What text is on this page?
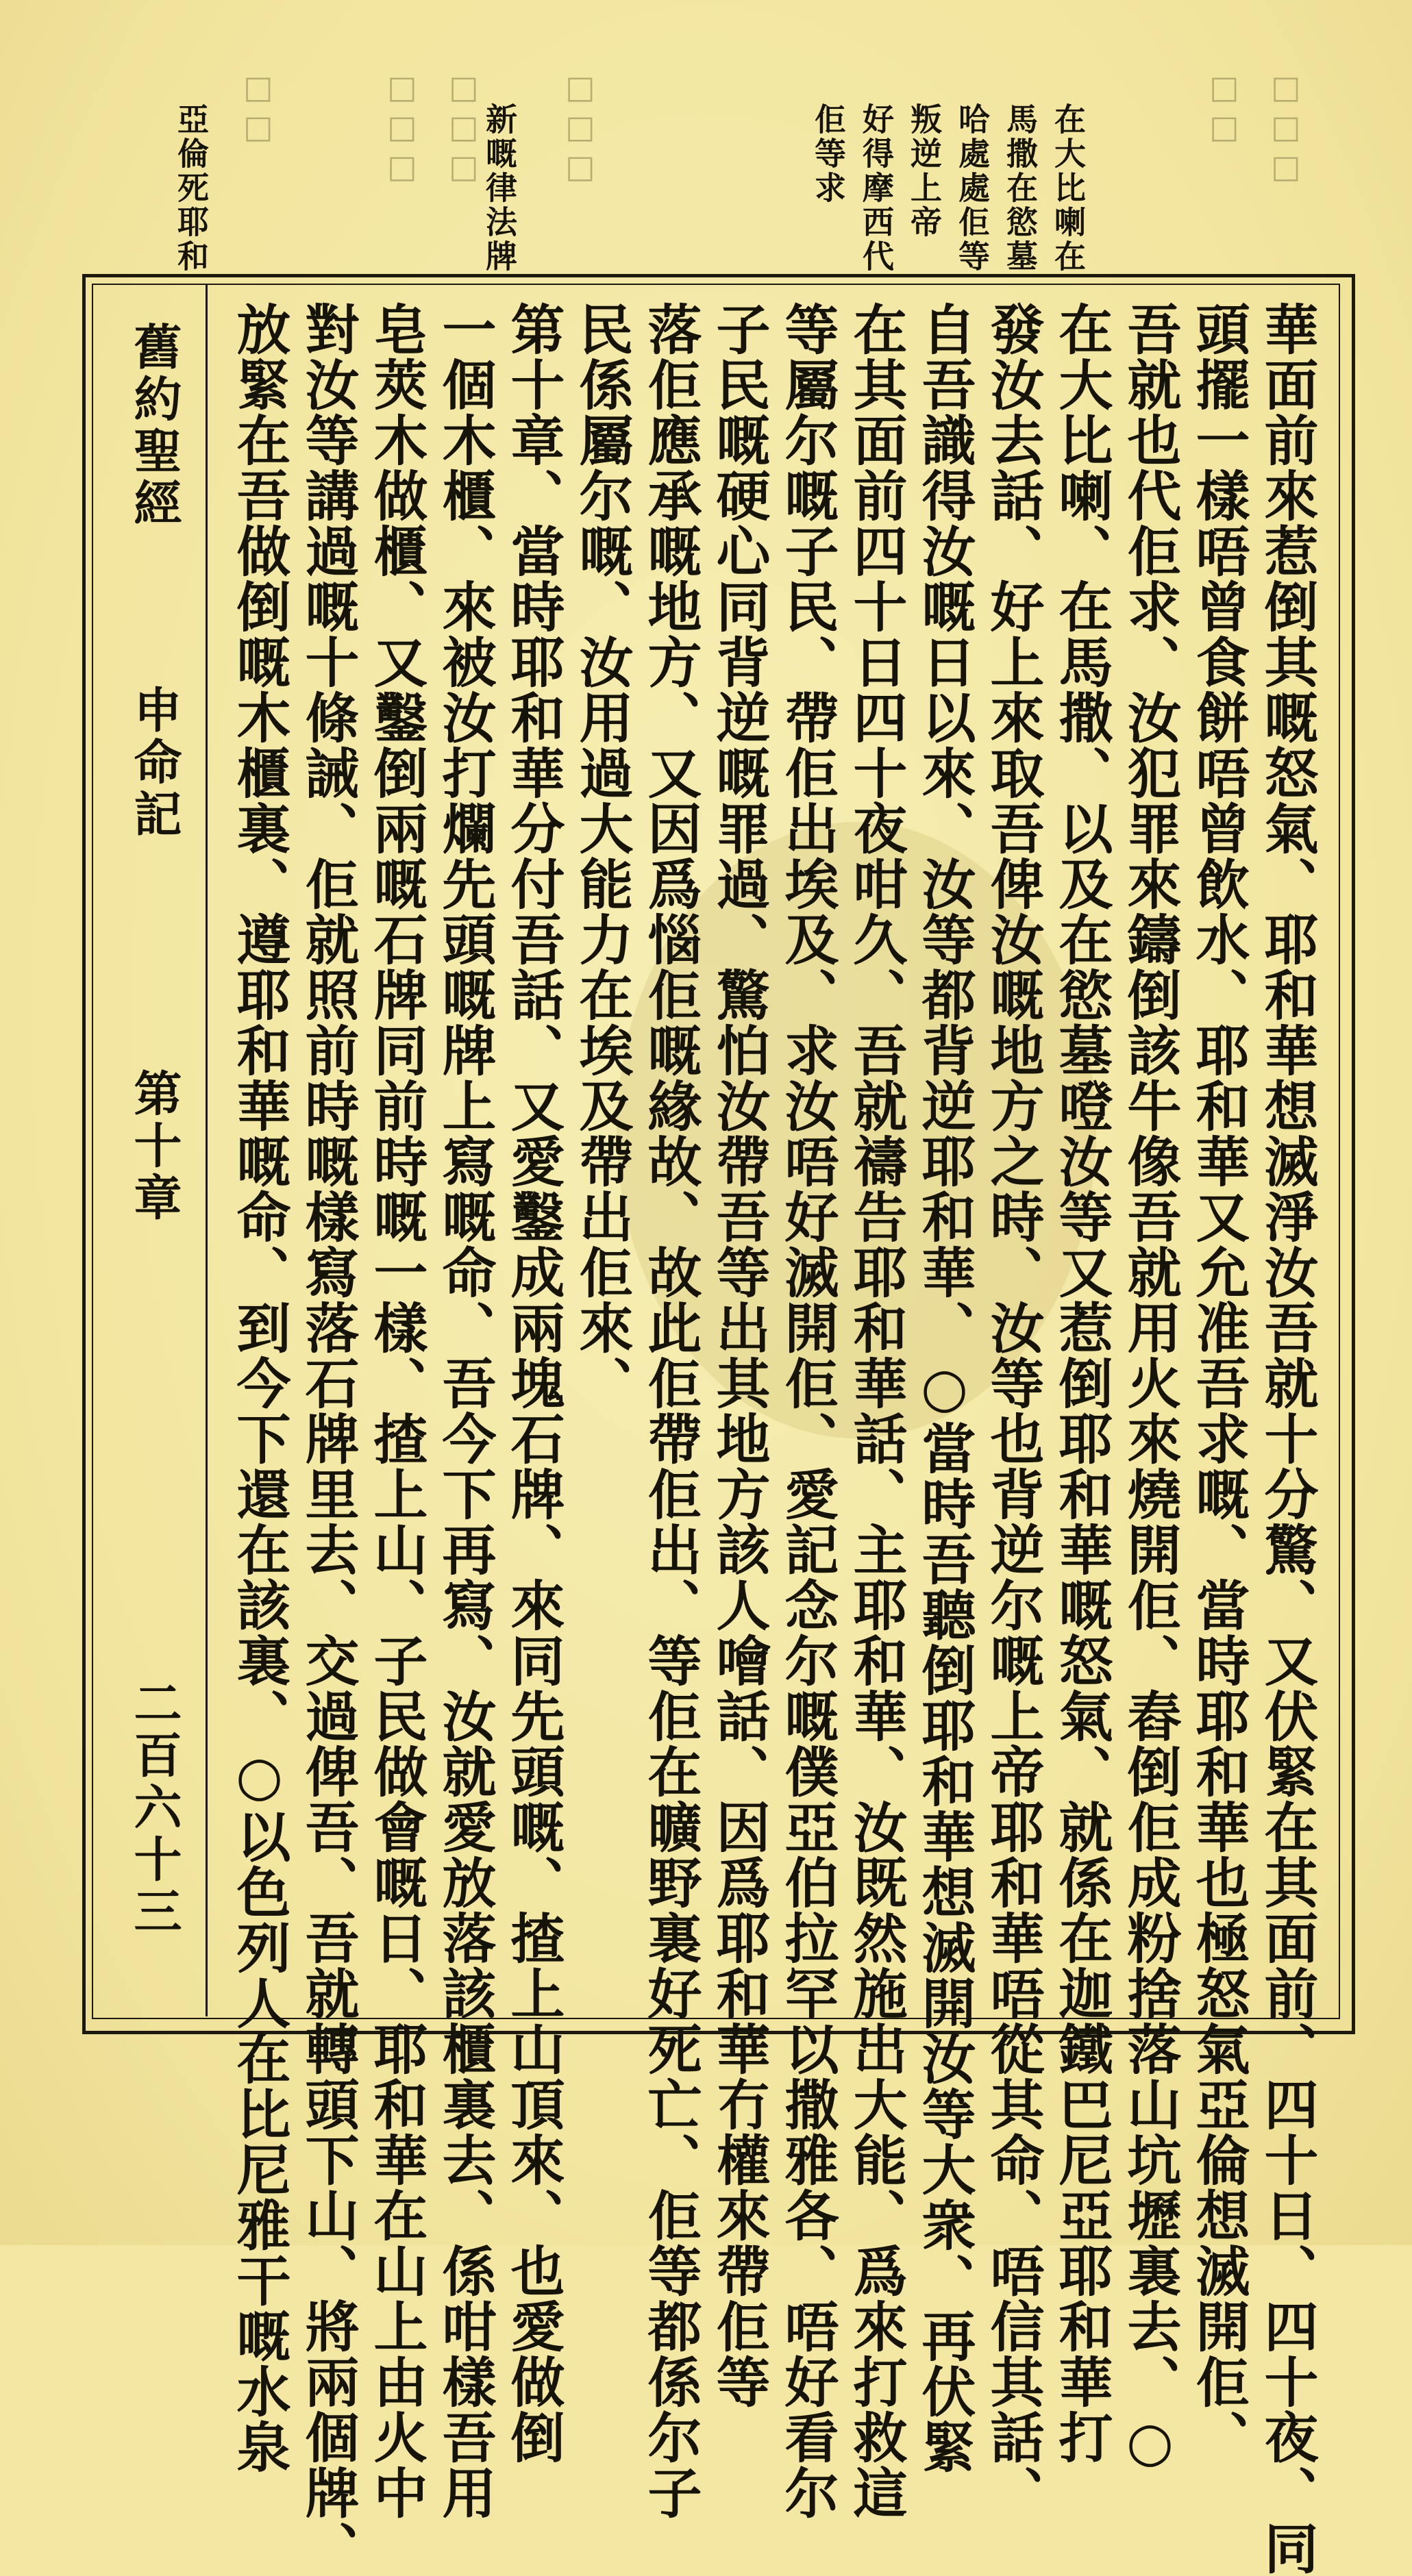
□□□
□□
□□□
□□□
□□□
□□	在大比喇在
馬撒在慾墓
哈處處佢等
叛逆上帝
好得摩西代
佢等求
新嘅律法牌
亞倫死耶和
華面前來惹倒其嘅怒氣、耶和華想滅淨汝吾就十分驚、又伏緊在其面前、四十日、四十夜、同
頭擺一樣唔曾食餅唔曾飲水、耶和華又允准吾求嘅、當時耶和華也極怒氣亞倫想滅開佢、
吾就也代佢求、汝犯罪來鑄倒該牛像吾就用火來燒開佢、舂倒佢成粉捨落山坑壢裏去、○
在大比喇、在馬撒、以及在慾墓噔汝等又惹倒耶和華嘅怒氣、就係在迦鐵巴尼亞耶和華打
發汝去話、好上來取吾俾汝嘅地方之時、汝等也背逆尔嘅上帝耶和華唔從其命、唔信其話、
自吾識得汝嘅日以來、汝等都背逆耶和華、○當時吾聽倒耶和華想滅開汝等大衆、再伏緊
在其面前四十日四十夜咁久、吾就禱告耶和華話、主耶和華、汝既然施出大能、爲來打救這
等屬尔嘅子民、帶佢出埃及、求汝唔好滅開佢、愛記念尔嘅僕亞伯拉罕以撒雅各、唔好看尔
子民嘅硬心同背逆嘅罪過、驚怕汝帶吾等出其地方該人噲話、因爲耶和華冇權來帶佢等
落佢應承嘅地方、又因爲惱佢嘅緣故、故此佢帶佢出、等佢在曠野裏好死亡、佢等都係尔子
民係屬尔嘅、汝用過大能力在埃及帶出佢來、
第十章、當時耶和華分付吾話、又愛鑿成兩塊石牌、來同先頭嘅、揸上山頂來、也愛做倒
一個木櫃、來被汝打爛先頭嘅牌上寫嘅命、吾今下再寫、汝就愛放落該櫃裏去、係咁樣吾用
皂莢木做櫃、又鑿倒兩嘅石牌同前時嘅一樣、揸上山、子民做會嘅日、耶和華在山上由火中
對汝等講過嘅十條誡、佢就照前時嘅樣寫落石牌里去、交過俾吾、吾就轉頭下山、將兩個牌、
放緊在吾做倒嘅木櫃裏、遵耶和華嘅命、到今下還在該裏、○以色列人在比尼雅干嘅水泉
舊約聖經
申命記
第十章
二百六十三
